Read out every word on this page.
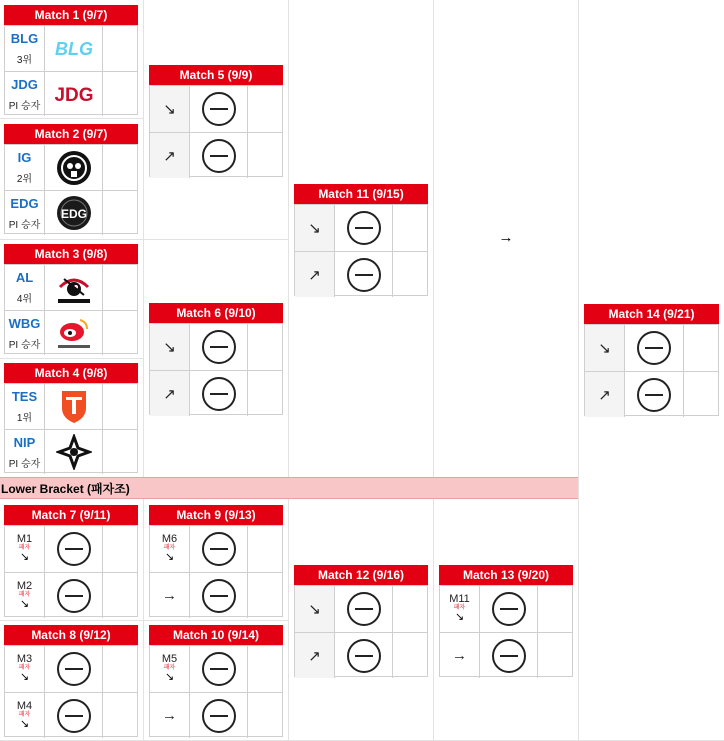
Match 1 (9/7)
BLG
3위
BLG
JDG
PI 승자
JDG
Match 2 (9/7)
IG
2위
EDG
PI 승자
EDG
Match 3 (9/8)
AL
4위
WBG
PI 승자
Match 4 (9/8)
TES
1위
NIP
PI 승자
Match 5 (9/9)
↘
↗
Match 6 (9/10)
↘
↗
Match 11 (9/15)
↘
↗
→
Match 14 (9/21)
↘
↗
Lower Bracket (패자조)
Match 7 (9/11)
M1
패자
↘
M2
패자
↘
Match 8 (9/12)
M3
패자
↘
M4
패자
↘
Match 9 (9/13)
M6
패자
↘
→
Match 10 (9/14)
M5
패자
↘
→
Match 12 (9/16)
↘
↗
Match 13 (9/20)
M11
패자
↘
→
